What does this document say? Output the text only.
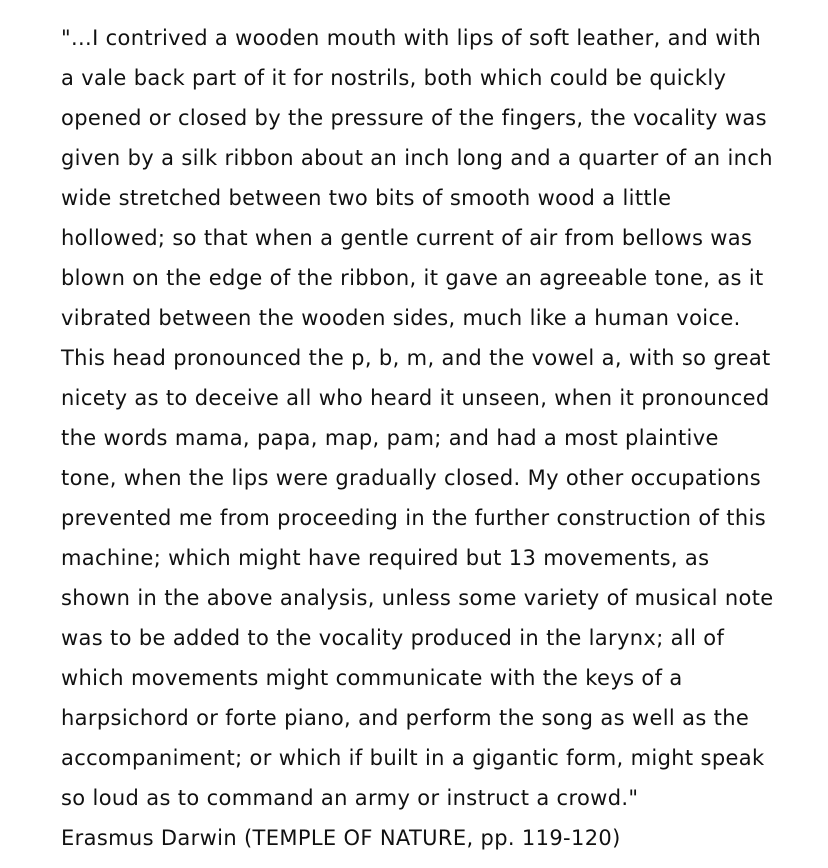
"...I contrived a wooden mouth with lips of soft leather, and with
a vale back part of it for nostrils, both which could be quickly
opened or closed by the pressure of the fingers, the vocality was
given by a silk ribbon about an inch long and a quarter of an inch
wide stretched between two bits of smooth wood a little
hollowed; so that when a gentle current of air from bellows was
blown on the edge of the ribbon, it gave an agreeable tone, as it
vibrated between the wooden sides, much like a human voice.
This head pronounced the p, b, m, and the vowel a, with so great
nicety as to deceive all who heard it unseen, when it pronounced
the words mama, papa, map, pam; and had a most plaintive
tone, when the lips were gradually closed. My other occupations
prevented me from proceeding in the further construction of this
machine; which might have required but 13 movements, as
shown in the above analysis, unless some variety of musical note
was to be added to the vocality produced in the larynx; all of
which movements might communicate with the keys of a
harpsichord or forte piano, and perform the song as well as the
accompaniment; or which if built in a gigantic form, might speak
so loud as to command an army or instruct a crowd."
Erasmus Darwin (TEMPLE OF NATURE, pp. 119-120)
